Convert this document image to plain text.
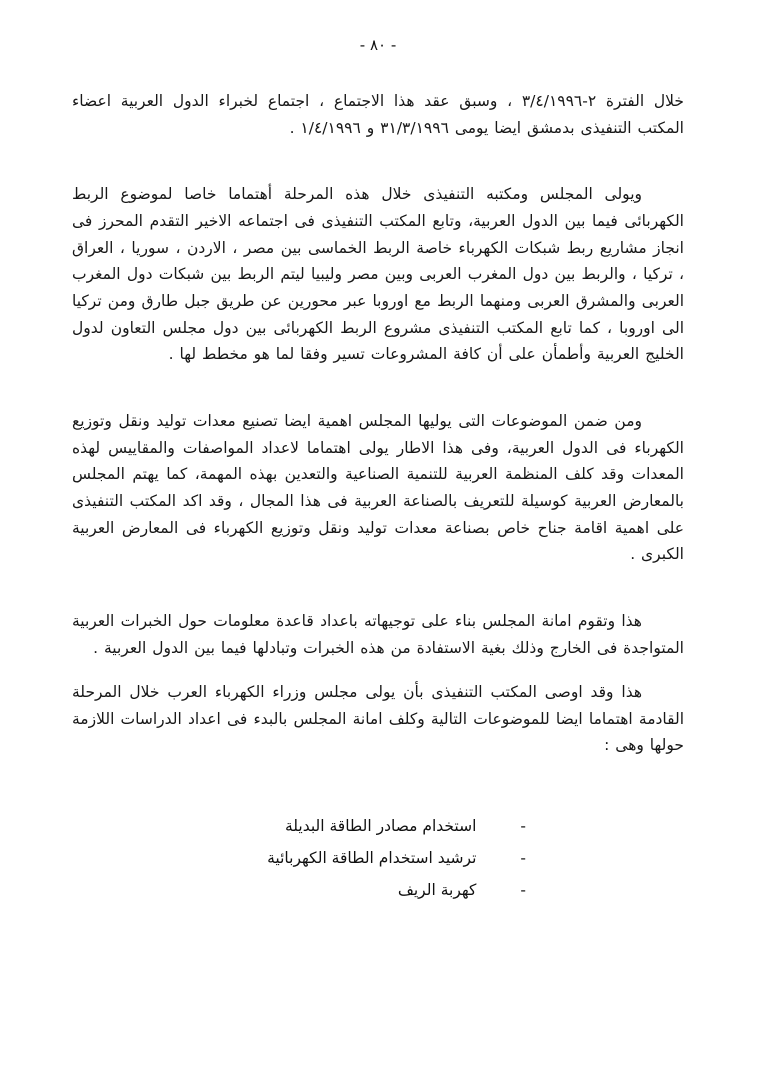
- ٨٠ -

خلال الفترة ٢-٣/٤/١٩٩٦ ، وسبق عقد هذا الاجتماع ، اجتماع لخبراء الدول العربية اعضاء المكتب التنفيذى بدمشق ايضا يومى ٣١/٣/١٩٩٦ و ١/٤/١٩٩٦ .

ويولى المجلس ومكتبه التنفيذى خلال هذه المرحلة أهتماما خاصا لموضوع الربط الكهربائى فيما بين الدول العربية، وتابع المكتب التنفيذى فى اجتماعه الاخير التقدم المحرز فى انجاز مشاريع ربط شبكات الكهرباء خاصة الربط الخماسى بين مصر ، الاردن ، سوريا ، العراق ، تركيا ، والربط بين دول المغرب العربى وبين مصر وليبيا ليتم الربط بين شبكات دول المغرب العربى والمشرق العربى ومنهما الربط مع اوروبا عبر محورين عن طريق جبل طارق ومن تركيا الى اوروبا ، كما تابع المكتب التنفيذى مشروع الربط الكهربائى بين دول مجلس التعاون لدول الخليج العربية وأطمأن على أن كافة المشروعات تسير وفقا لما هو مخطط لها .

ومن ضمن الموضوعات التى يوليها المجلس اهمية ايضا تصنيع معدات توليد ونقل وتوزيع الكهرباء فى الدول العربية، وفى هذا الاطار يولى اهتماما لاعداد المواصفات والمقاييس لهذه المعدات وقد كلف المنظمة العربية للتنمية الصناعية والتعدين بهذه المهمة، كما يهتم المجلس بالمعارض العربية كوسيلة للتعريف بالصناعة العربية فى هذا المجال ، وقد اكد المكتب التنفيذى على اهمية اقامة جناح خاص بصناعة معدات توليد ونقل وتوزيع الكهرباء فى المعارض العربية الكبرى .

هذا وتقوم امانة المجلس بناء على توجيهاته باعداد قاعدة معلومات حول الخبرات العربية المتواجدة فى الخارج وذلك بغية الاستفادة من هذه الخبرات وتبادلها فيما بين الدول العربية .

هذا وقد اوصى المكتب التنفيذى بأن يولى مجلس وزراء الكهرباء العرب خلال المرحلة القادمة اهتماما ايضا للموضوعات التالية وكلف امانة المجلس بالبدء فى اعداد الدراسات اللازمة حولها وهى :

-
استخدام مصادر الطاقة البديلة
-
ترشيد استخدام الطاقة الكهربائية
-
كهربة الريف
